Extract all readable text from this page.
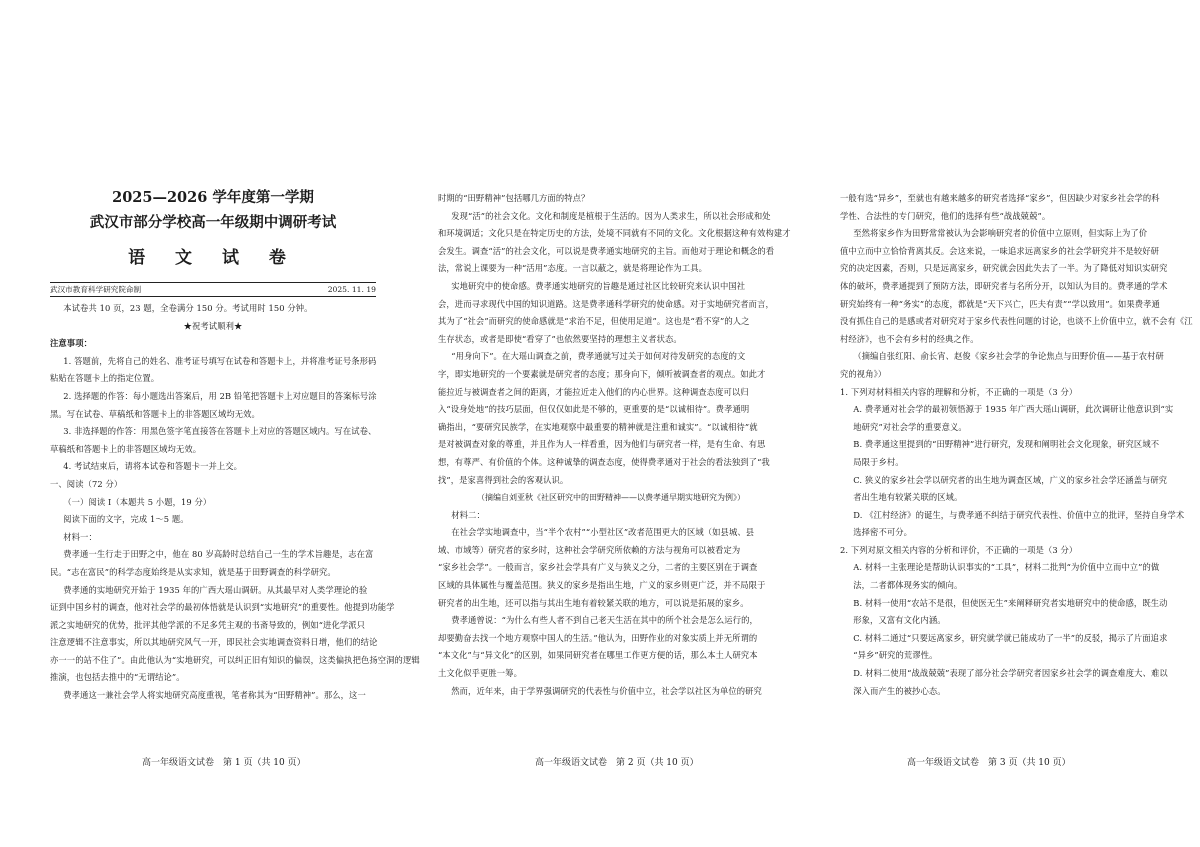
2025—2026 学年度第一学期
武汉市部分学校高一年级期中调研考试
语 文 试 卷
武汉市教育科学研究院命制	2025. 11. 19
本试卷共 10 页，23 题，全卷满分 150 分。考试用时 150 分钟。
★祝考试顺利★
注意事项：
1. 答题前，先将自己的姓名、准考证号填写在试卷和答题卡上，并将准考证号条形码
粘贴在答题卡上的指定位置。
2. 选择题的作答：每小题选出答案后，用 2B 铅笔把答题卡上对应题目的答案标号涂
黑。写在试卷、草稿纸和答题卡上的非答题区域均无效。
3. 非选择题的作答：用黑色签字笔直接答在答题卡上对应的答题区域内。写在试卷、
草稿纸和答题卡上的非答题区域均无效。
4. 考试结束后，请将本试卷和答题卡一并上交。
一、阅读（72 分）
（一）阅读 Ⅰ（本题共 5 小题，19 分）
阅读下面的文字，完成 1～5 题。
材料一：
费孝通一生行走于田野之中，他在 80 岁高龄时总结自己一生的学术旨趣是，志在富
民。“志在富民”的科学态度始终是从实求知，就是基于田野调查的科学研究。
费孝通的实地研究开始于 1935 年的广西大瑶山调研。从其最早对人类学理论的验
证到中国乡村的调查，他对社会学的最初体悟就是认识到“实地研究”的重要性。他提到功能学
派之实地研究的优势，批评其他学派的不足多凭主观的书斋导致的，例如“进化学派只
注意逻辑不注意事实，所以其地研究风气一开，即民社会实地调查资料日增，他们的结论
亦一一的站不住了”。由此他认为“实地研究，可以纠正旧有知识的偏误，这类偏执把色扬空洞的逻辑
推演，也包括去推中的“无谓结论”。
费孝通这一兼社会学人将实地研究高度重视，笔者称其为“田野精神”。那么，这一
时期的“田野精神”包括哪几方面的特点？
发现“活”的社会文化。文化和制度是植根于生活的。因为人类求生，所以社会形成和处
和环境调适；文化只是在特定历史的方法，处境不同就有不同的文化。文化根据这种有效构建才
会发生。调查“活”的社会文化，可以说是费孝通实地研究的主旨。而他对于理论和概念的看
法，常说上课要为一种“活用”态度。一言以蔽之，就是将理论作为工具。
实地研究中的使命感。费孝通实地研究的旨趣是通过社区比较研究来认识中国社
会，进而寻求现代中国的知识道路。这是费孝通科学研究的使命感。对于实地研究者而言，
其为了“社会”而研究的使命感就是“求治不足，但使用足道”。这也是“看不穿”的人之
生存状态，或者是即使“看穿了”也依然要坚持的理想主义者状态。
“用身向下”。在大瑶山调查之前，费孝通就写过关于如何对待发研究的态度的文
字，即实地研究的一个要素就是研究者的态度；那身向下，倾听被调查者的观点。如此才
能拉近与被调查者之间的距离，才能拉近走入他们的内心世界。这种调查态度可以归
入“设身处地”的技巧层面，但仅仅如此是不够的，更重要的是“以诚相待”。费孝通明
确指出，“要研究民族学，在实地观察中最重要的精神就是注重和诚实”。“以诚相待”就
是对被调查对象的尊重，并且作为人一样看重，因为他们与研究者一样，是有生命、有思
想，有尊严、有价值的个体。这种诚挚的调查态度，使得费孝通对于社会的看法独到了“我
找”，是家喜得到社会的客观认识。
（摘编自刘亚秋《社区研究中的田野精神——以费孝通早期实地研究为例》）
材料二：
在社会学实地调查中，当“半个农村”“小型社区”改者范围更大的区域（如县城、县
域、市域等）研究者的家乡时，这种社会学研究所依赖的方法与视角可以被看定为
“家乡社会学”。一般而言，家乡社会学具有广义与狭义之分，二者的主要区别在于调查
区域的具体属性与覆盖范围。狭义的家乡是指出生地，广义的家乡则更广泛，并不局限于
研究者的出生地，还可以指与其出生地有着较紧关联的地方，可以说是拓展的家乡。
费孝通曾说：“为什么有些人者不到自己老天生活在其中的所个社会是怎么运行的，
却要勤奋去找一个地方观察中国人的生活。”他认为，田野作业的对象实质上并无所谓的
“本文化”与“异文化”的区别，如果同研究者在哪里工作更方便的话，那么本土人研究本
土文化似乎更胜一筹。
然而，近年来，由于学界强调研究的代表性与价值中立，社会学以社区为单位的研究
一般有选“异乡”，至就也有越来越多的研究者选择“家乡”，但因缺少对家乡社会学的科
学性、合法性的专门研究，他们的选择有些“战战兢兢”。
至然将家乡作为田野常常被认为会影响研究者的价值中立原则，但实际上为了价
值中立而中立恰恰背离其反。会这来说，一味追求远离家乡的社会学研究并不是较好研
究的决定因素，否则，只是远离家乡，研究就会因此失去了一半。为了降低对知识实研究
体的破坏，费孝通提到了预防方法，即研究者与名所分开，以知认为目的。费孝通的学术
研究始终有一种“务实”的态度，都就是“天下兴亡，匹夫有责”“学以致用”。如果费孝通
没有抓住自己的是感或者对研究对于家乡代表性问题的讨论，也谈不上价值中立，就不会有《江
村经济》，也不会有乡村的经典之作。
（摘编自张红阳、俞长宵、赵俊《家乡社会学的争论焦点与田野价值——基于农村研
究的视角》）
1. 下列对材料相关内容的理解和分析，不正确的一项是（3 分）
A. 费孝通对社会学的最初领悟源于 1935 年广西大瑶山调研，此次调研让他意识到“实
地研究”对社会学的重要意义。
B. 费孝通这里提到的“田野精神”进行研究，发现和阐明社会文化现象，研究区域不
局限于乡村。
C. 狭义的家乡社会学以研究者的出生地为调查区域，广义的家乡社会学还涵盖与研究
者出生地有较紧关联的区域。
D. 《江村经济》的诞生，与费孝通不纠结于研究代表性、价值中立的批评，坚持自身学术
选择密不可分。
2. 下列对原文相关内容的分析和评价，不正确的一项是（3 分）
A. 材料一主张理论是帮助认识事实的“工具”，材料二批判“为价值中立而中立”的做
法，二者都体现务实的倾向。
B. 材料一使用“农站不是很，但使医无生”来阐释研究者实地研究中的使命感，既生动
形象，又富有文化内涵。
C. 材料二通过“只要远离家乡，研究就学就已能成功了一半”的反驳，揭示了片面追求
“异乡”研究的荒谬性。
D. 材料二使用“战战兢兢”表现了部分社会学研究者因家乡社会学的调查难度大、难以
深入而产生的被抄心态。
高一年级语文试卷　第 1 页（共 10 页）	高一年级语文试卷　第 2 页（共 10 页）	高一年级语文试卷　第 3 页（共 10 页）
